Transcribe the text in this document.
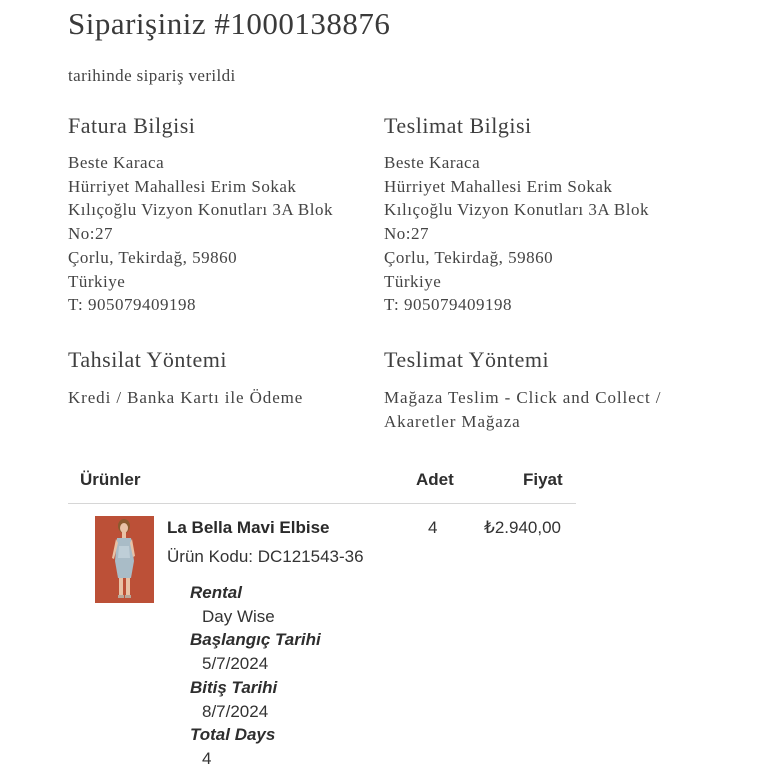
Siparişiniz #1000138876
tarihinde sipariş verildi
Fatura Bilgisi
Beste Karaca
Hürriyet Mahallesi Erim Sokak
Kılıçoğlu Vizyon Konutları 3A Blok
No:27
Çorlu, Tekirdağ, 59860
Türkiye
T: 905079409198
Teslimat Bilgisi
Beste Karaca
Hürriyet Mahallesi Erim Sokak
Kılıçoğlu Vizyon Konutları 3A Blok
No:27
Çorlu, Tekirdağ, 59860
Türkiye
T: 905079409198
Tahsilat Yöntemi
Kredi / Banka Kartı ile Ödeme
Teslimat Yöntemi
Mağaza Teslim - Click and Collect /
Akaretler Mağaza
Ürünler	Adet	Fiyat
La Bella Mavi Elbise
Ürün Kodu: DC121543-36
4	₺2.940,00
Rental
Day Wise
Başlangıç Tarihi
5/7/2024
Bitiş Tarihi
8/7/2024
Total Days
4
